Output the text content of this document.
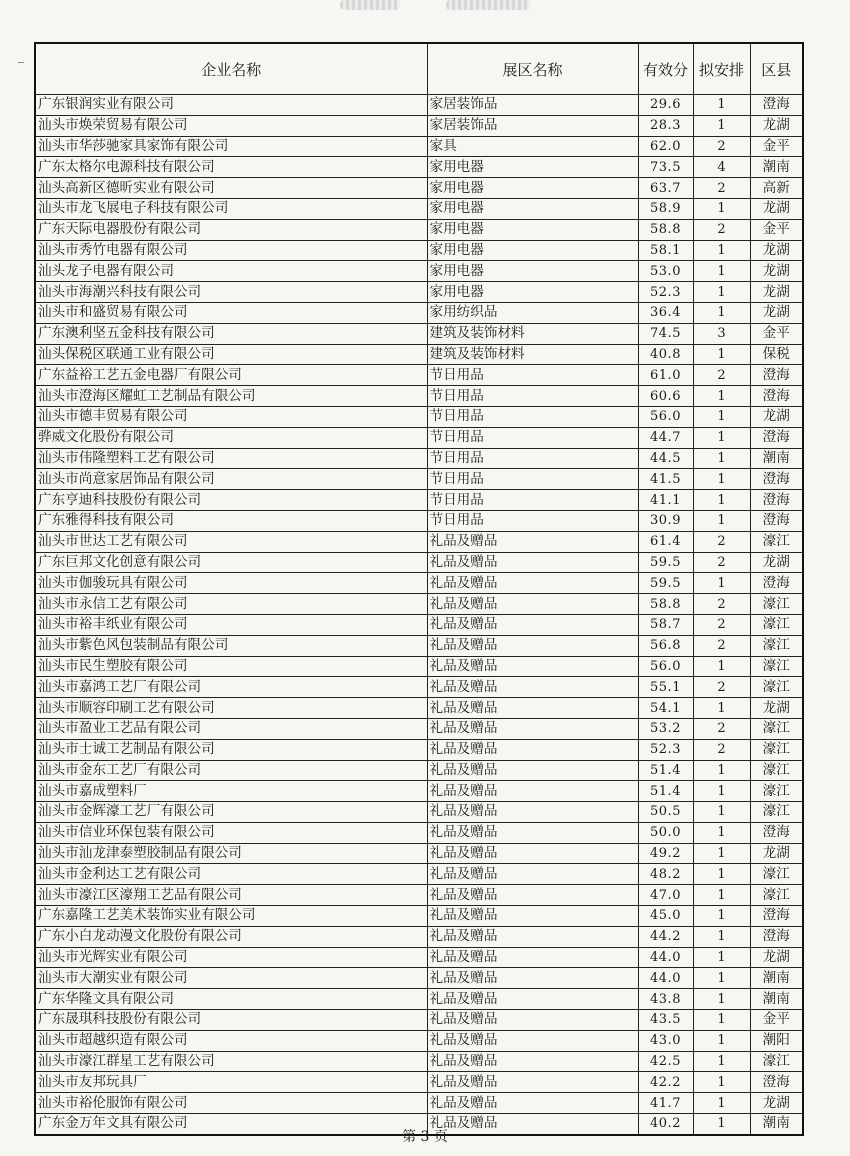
企业名称	展区名称	有效分	拟安排	区县
广东银润实业有限公司	家居装饰品	29.6	1	澄海
汕头市焕荣贸易有限公司	家居装饰品	28.3	1	龙湖
汕头市华莎驰家具家饰有限公司	家具	62.0	2	金平
广东太格尔电源科技有限公司	家用电器	73.5	4	潮南
汕头高新区德昕实业有限公司	家用电器	63.7	2	高新
汕头市龙飞展电子科技有限公司	家用电器	58.9	1	龙湖
广东天际电器股份有限公司	家用电器	58.8	2	金平
汕头市秀竹电器有限公司	家用电器	58.1	1	龙湖
汕头龙子电器有限公司	家用电器	53.0	1	龙湖
汕头市海潮兴科技有限公司	家用电器	52.3	1	龙湖
汕头市和盛贸易有限公司	家用纺织品	36.4	1	龙湖
广东澳利坚五金科技有限公司	建筑及装饰材料	74.5	3	金平
汕头保税区联通工业有限公司	建筑及装饰材料	40.8	1	保税
广东益裕工艺五金电器厂有限公司	节日用品	61.0	2	澄海
汕头市澄海区耀虹工艺制品有限公司	节日用品	60.6	1	澄海
汕头市德丰贸易有限公司	节日用品	56.0	1	龙湖
骅威文化股份有限公司	节日用品	44.7	1	澄海
汕头市伟隆塑料工艺有限公司	节日用品	44.5	1	潮南
汕头市尚意家居饰品有限公司	节日用品	41.5	1	澄海
广东亨迪科技股份有限公司	节日用品	41.1	1	澄海
广东雅得科技有限公司	节日用品	30.9	1	澄海
汕头市世达工艺有限公司	礼品及赠品	61.4	2	濠江
广东巨邦文化创意有限公司	礼品及赠品	59.5	2	龙湖
汕头市伽骏玩具有限公司	礼品及赠品	59.5	1	澄海
汕头市永信工艺有限公司	礼品及赠品	58.8	2	濠江
汕头市裕丰纸业有限公司	礼品及赠品	58.7	2	濠江
汕头市紫色风包装制品有限公司	礼品及赠品	56.8	2	濠江
汕头市民生塑胶有限公司	礼品及赠品	56.0	1	濠江
汕头市嘉鸿工艺厂有限公司	礼品及赠品	55.1	2	濠江
汕头市顺容印刷工艺有限公司	礼品及赠品	54.1	1	龙湖
汕头市盈业工艺品有限公司	礼品及赠品	53.2	2	濠江
汕头市士诚工艺制品有限公司	礼品及赠品	52.3	2	濠江
汕头市金东工艺厂有限公司	礼品及赠品	51.4	1	濠江
汕头市嘉成塑料厂	礼品及赠品	51.4	1	濠江
汕头市金辉濠工艺厂有限公司	礼品及赠品	50.5	1	濠江
汕头市信业环保包装有限公司	礼品及赠品	50.0	1	澄海
汕头市汕龙津泰塑胶制品有限公司	礼品及赠品	49.2	1	龙湖
汕头市金利达工艺有限公司	礼品及赠品	48.2	1	濠江
汕头市濠江区濠翔工艺品有限公司	礼品及赠品	47.0	1	濠江
广东嘉隆工艺美术装饰实业有限公司	礼品及赠品	45.0	1	澄海
广东小白龙动漫文化股份有限公司	礼品及赠品	44.2	1	澄海
汕头市光辉实业有限公司	礼品及赠品	44.0	1	龙湖
汕头市大潮实业有限公司	礼品及赠品	44.0	1	潮南
广东华隆文具有限公司	礼品及赠品	43.8	1	潮南
广东晟琪科技股份有限公司	礼品及赠品	43.5	1	金平
汕头市超越织造有限公司	礼品及赠品	43.0	1	潮阳
汕头市濠江群星工艺有限公司	礼品及赠品	42.5	1	濠江
汕头市友邦玩具厂	礼品及赠品	42.2	1	澄海
汕头市裕伦服饰有限公司	礼品及赠品	41.7	1	龙湖
广东金万年文具有限公司	礼品及赠品	40.2	1	潮南
第 3 页
